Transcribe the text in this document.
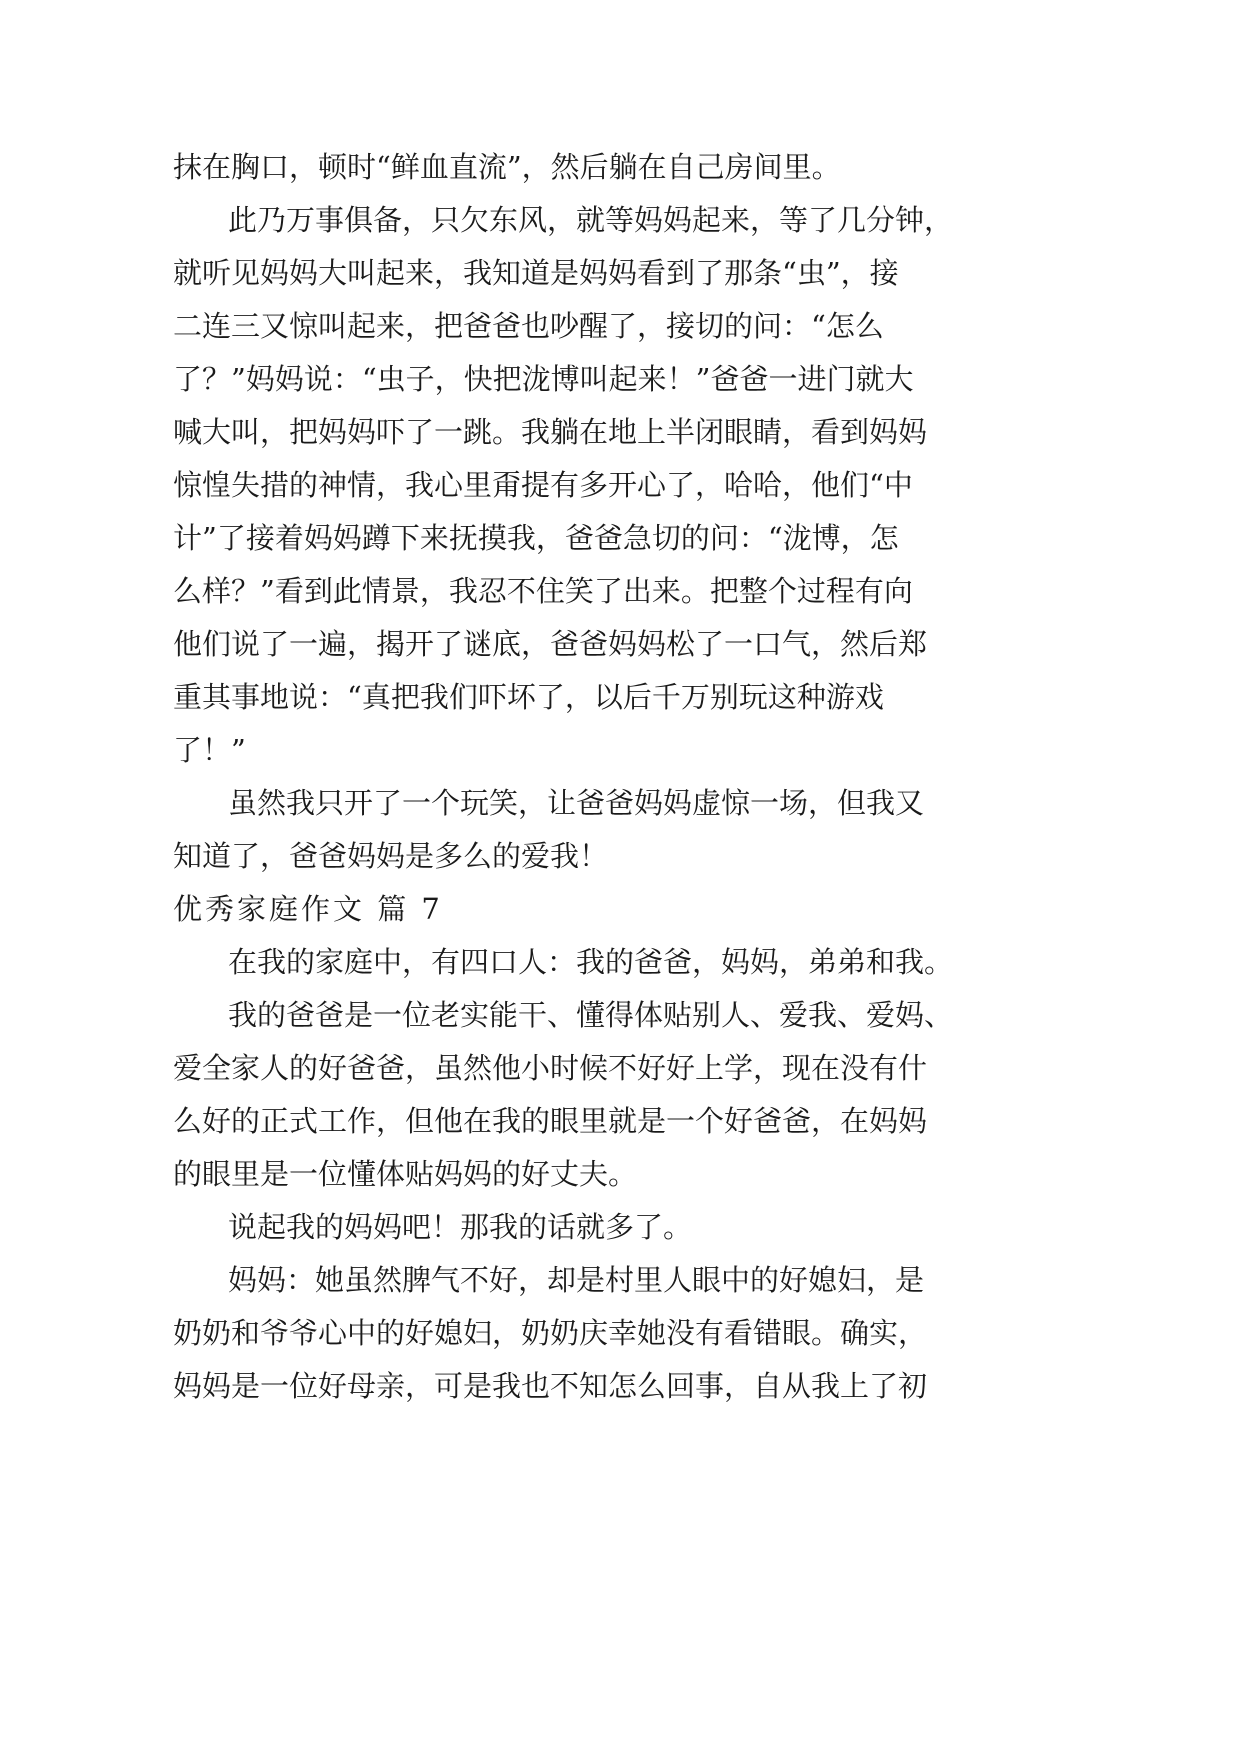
抹在胸口，顿时“鲜血直流”，然后躺在自己房间里。
此乃万事俱备，只欠东风，就等妈妈起来，等了几分钟，
就听见妈妈大叫起来，我知道是妈妈看到了那条“虫”，接
二连三又惊叫起来，把爸爸也吵醒了，接切的问：“怎么
了？”妈妈说：“虫子，快把泷博叫起来！”爸爸一进门就大
喊大叫，把妈妈吓了一跳。我躺在地上半闭眼睛，看到妈妈
惊惶失措的神情，我心里甭提有多开心了，哈哈，他们“中
计”了接着妈妈蹲下来抚摸我，爸爸急切的问：“泷博，怎
么样？”看到此情景，我忍不住笑了出来。把整个过程有向
他们说了一遍，揭开了谜底，爸爸妈妈松了一口气，然后郑
重其事地说：“真把我们吓坏了，以后千万别玩这种游戏
了！”
虽然我只开了一个玩笑，让爸爸妈妈虚惊一场，但我又
知道了，爸爸妈妈是多么的爱我！
优秀家庭作文 篇 7
在我的家庭中，有四口人：我的爸爸，妈妈，弟弟和我。
我的爸爸是一位老实能干、懂得体贴别人、爱我、爱妈、
爱全家人的好爸爸，虽然他小时候不好好上学，现在没有什
么好的正式工作，但他在我的眼里就是一个好爸爸，在妈妈
的眼里是一位懂体贴妈妈的好丈夫。
说起我的妈妈吧！那我的话就多了。
妈妈：她虽然脾气不好，却是村里人眼中的好媳妇，是
奶奶和爷爷心中的好媳妇，奶奶庆幸她没有看错眼。确实，
妈妈是一位好母亲，可是我也不知怎么回事，自从我上了初
